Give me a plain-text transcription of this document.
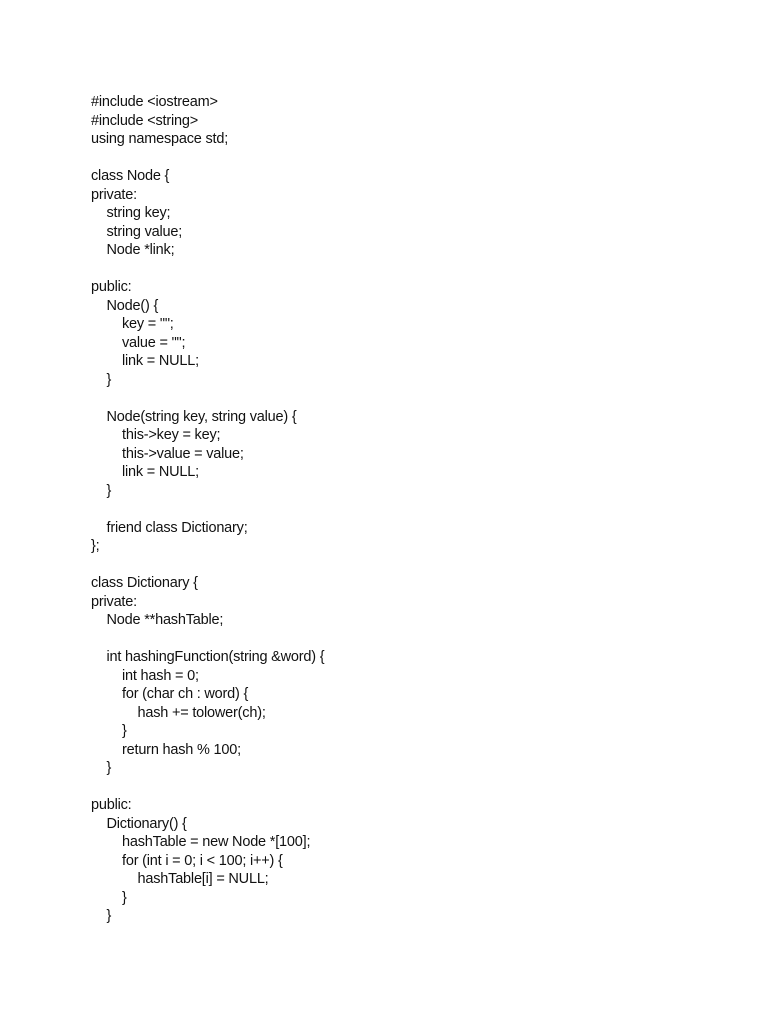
#include <iostream>
#include <string>
using namespace std;
class Node {
private:
string key;
string value;
Node *link;
public:
Node() {
key = "";
value = "";
link = NULL;
}
Node(string key, string value) {
this->key = key;
this->value = value;
link = NULL;
}
friend class Dictionary;
};
class Dictionary {
private:
Node **hashTable;
int hashingFunction(string &word) {
int hash = 0;
for (char ch : word) {
hash += tolower(ch);
}
return hash % 100;
}
public:
Dictionary() {
hashTable = new Node *[100];
for (int i = 0; i < 100; i++) {
hashTable[i] = NULL;
}
}
